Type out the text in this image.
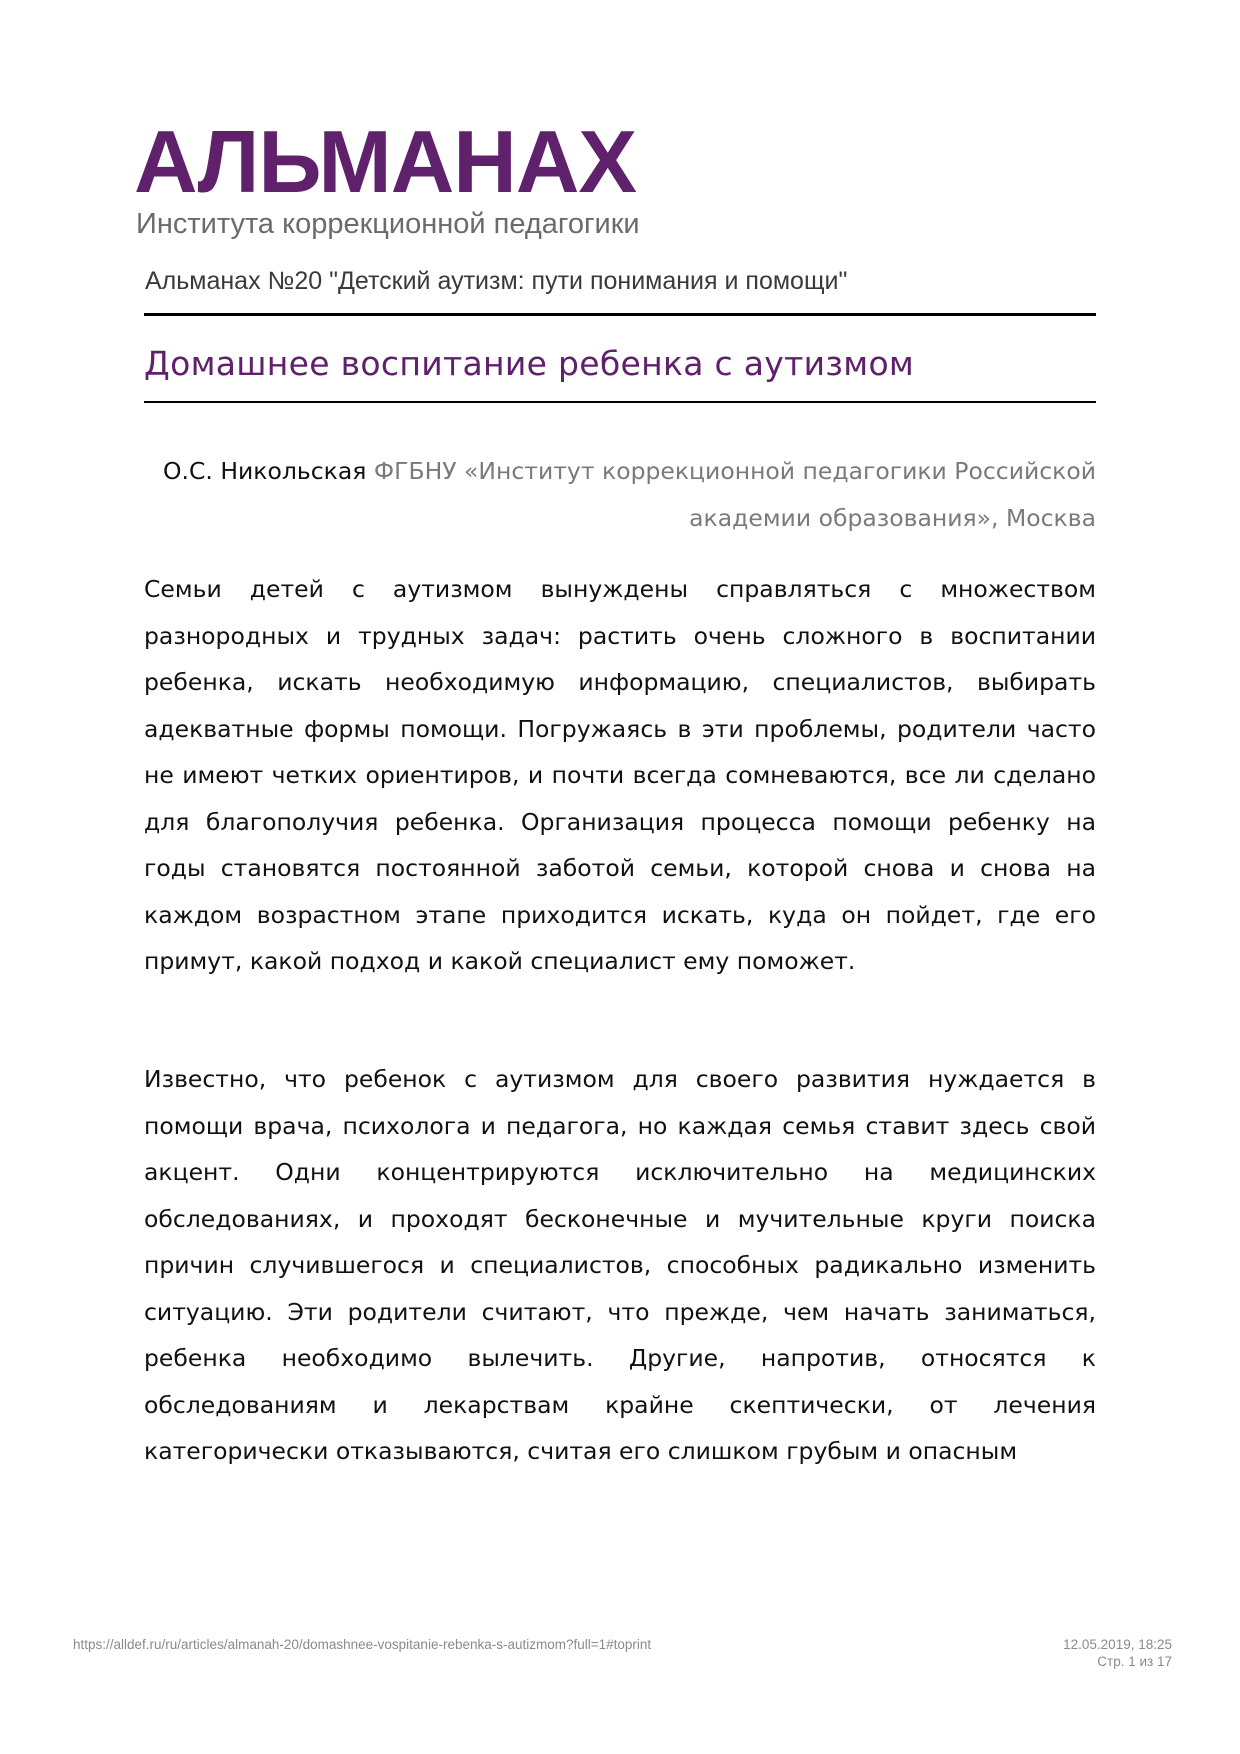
АЛЬМАНАХ
Института коррекционной педагогики
Альманах №20 "Детский аутизм: пути понимания и помощи"
Домашнее воспитание ребенка с аутизмом
О.С. Никольская ФГБНУ «Институт коррекционной педагогики Российской академии образования», Москва

Семьи детей с аутизмом вынуждены справляться с множеством разнородных и трудных задач: растить очень сложного в воспитании ребенка, искать необходимую информацию, специалистов, выбирать адекватные формы помощи. Погружаясь в эти проблемы, родители часто не имеют четких ориентиров, и почти всегда сомневаются, все ли сделано для благополучия ребенка. Организация процесса помощи ребенку на годы становятся постоянной заботой семьи, которой снова и снова на каждом возрастном этапе приходится искать, куда он пойдет, где его примут, какой подход и какой специалист ему поможет.

Известно, что ребенок с аутизмом для своего развития нуждается в помощи врача, психолога и педагога, но каждая семья ставит здесь свой акцент. Одни концентрируются исключительно на медицинских обследованиях, и проходят бесконечные и мучительные круги поиска причин случившегося и специалистов, способных радикально изменить ситуацию. Эти родители считают, что прежде, чем начать заниматься, ребенка необходимо вылечить. Другие, напротив, относятся к обследованиям и лекарствам крайне скептически, от лечения категорически отказываются, считая его слишком грубым и опасным

https://alldef.ru/ru/articles/almanah-20/domashnee-vospitanie-rebenka-s-autizmom?full=1#toprint	12.05.2019, 18:25
Стр. 1 из 17
